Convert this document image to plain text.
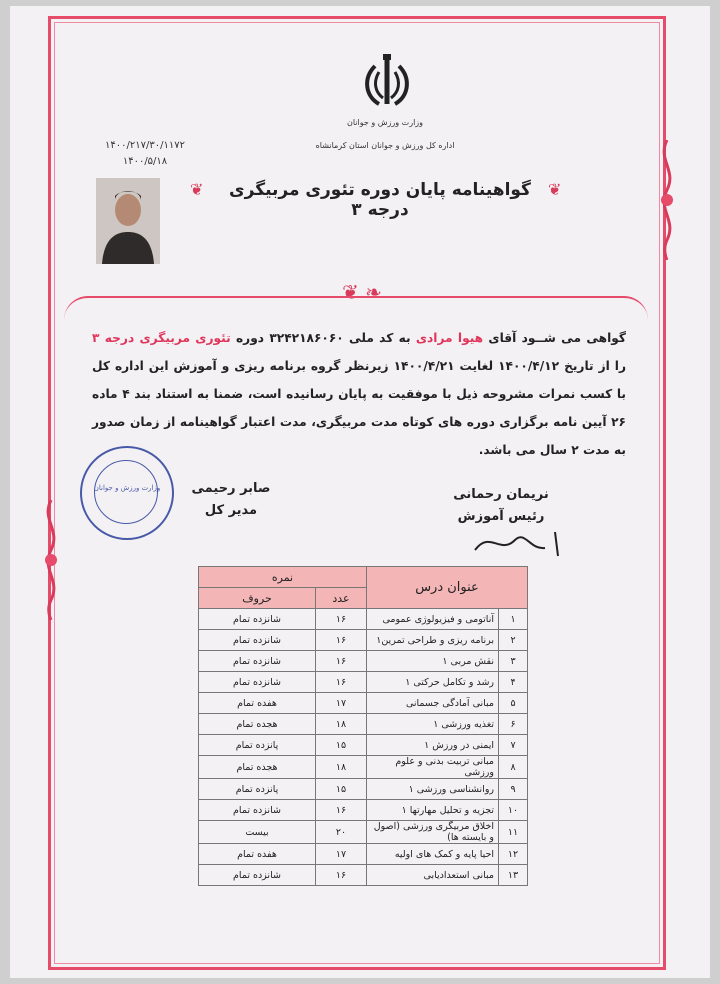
وزارت ورزش و جوانان
اداره کل ورزش و جوانان استان کرمانشاه
۱۴۰۰/۲۱۷/۳۰/۱۱۷۲
۱۴۰۰/۵/۱۸
❦	❦
گواهینامه پایان دوره تئوری مربیگری درجه ۳
❦ ❧
گواهی می شــود آقای هیوا مرادی به کد ملی ۳۲۴۲۱۸۶۰۶۰ دوره تئوری مربیگری درجه ۳ را از تاریخ ۱۴۰۰/۴/۱۲ لغایت ۱۴۰۰/۴/۲۱ زیرنظر گروه برنامه ریزی و آموزش این اداره کل با کسب نمرات مشروحه ذیل با موفقیت به پایان رسانیده است، ضمنا به استناد بند ۴ ماده ۲۶ آیین نامه برگزاری دوره های کوتاه مدت مربیگری، مدت اعتبار گواهینامه از زمان صدور به مدت ۲ سال می باشد.
نریمان رحمانی
رئیس آموزش
وزارت ورزش و جوانان	صابر رحیمی
مدیر کل
عنوان درس		نمره	
		عدد	حروف
۱	آناتومی و فیزیولوژی عمومی	۱۶	شانزده تمام
۲	برنامه ریزی و طراحی تمرین۱	۱۶	شانزده تمام
۳	نقش مربی ۱	۱۶	شانزده تمام
۴	رشد و تکامل حرکتی ۱	۱۶	شانزده تمام
۵	مبانی آمادگی جسمانی	۱۷	هفده تمام
۶	تغذیه ورزشی ۱	۱۸	هجده تمام
۷	ایمنی در ورزش ۱	۱۵	پانزده تمام
۸	مبانی تربیت بدنی و علوم ورزشی	۱۸	هجده تمام
۹	روانشناسی ورزشی ۱	۱۵	پانزده تمام
۱۰	تجزیه و تحلیل مهارتها ۱	۱۶	شانزده تمام
۱۱	اخلاق مربیگری ورزشی (اصول و بایسته ها)	۲۰	بیست
۱۲	احیا پایه و کمک های اولیه	۱۷	هفده تمام
۱۳	مبانی استعدادیابی	۱۶	شانزده تمام
